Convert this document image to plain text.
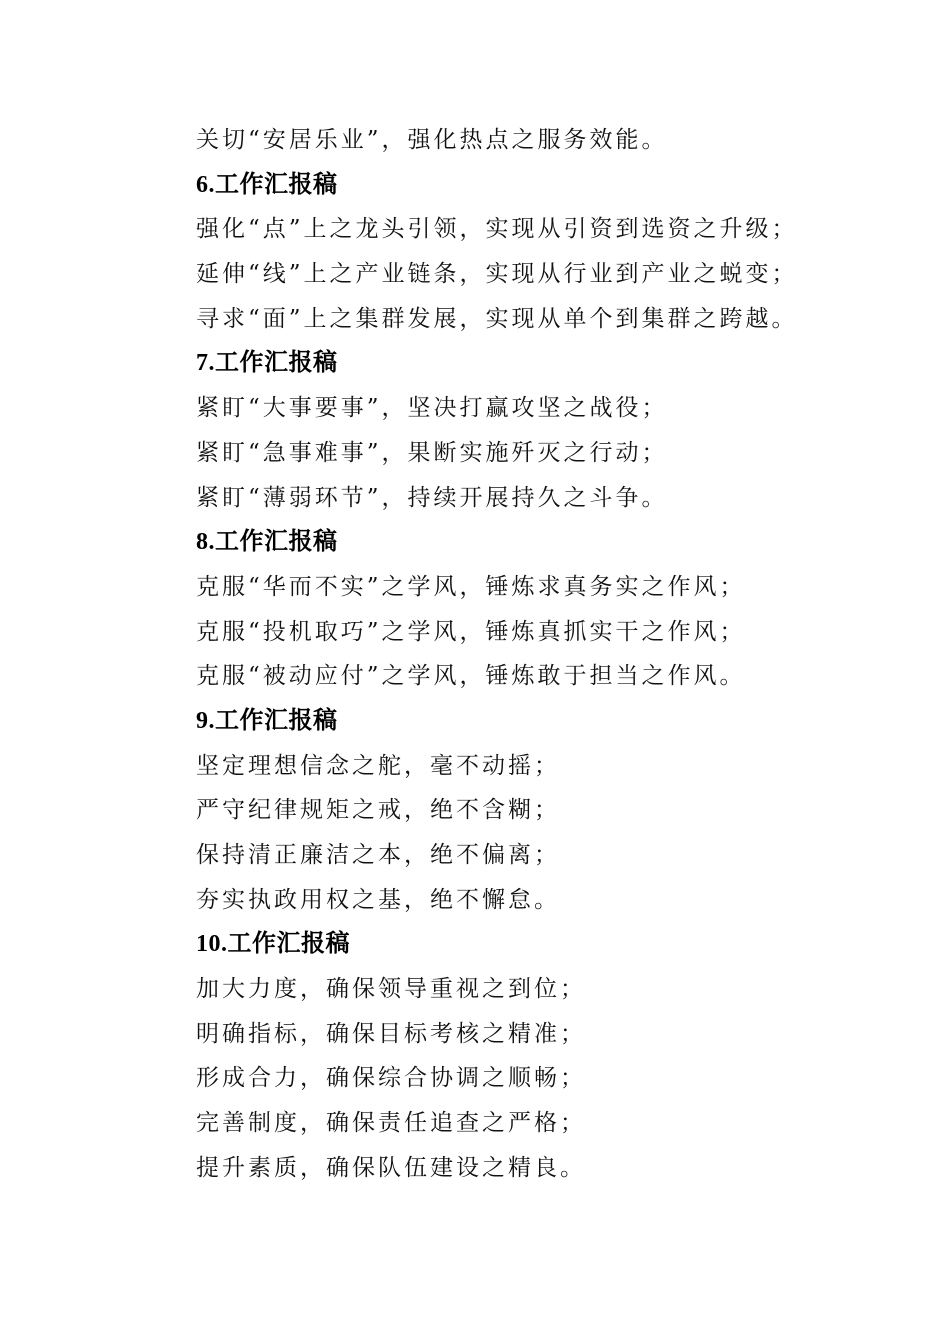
关切“安居乐业”，强化热点之服务效能。
6.工作汇报稿
强化“点”上之龙头引领，实现从引资到选资之升级；
延伸“线”上之产业链条，实现从行业到产业之蜕变；
寻求“面”上之集群发展，实现从单个到集群之跨越。
7.工作汇报稿
紧盯“大事要事”，坚决打赢攻坚之战役；
紧盯“急事难事”，果断实施歼灭之行动；
紧盯“薄弱环节”，持续开展持久之斗争。
8.工作汇报稿
克服“华而不实”之学风，锤炼求真务实之作风；
克服“投机取巧”之学风，锤炼真抓实干之作风；
克服“被动应付”之学风，锤炼敢于担当之作风。
9.工作汇报稿
坚定理想信念之舵，毫不动摇；
严守纪律规矩之戒，绝不含糊；
保持清正廉洁之本，绝不偏离；
夯实执政用权之基，绝不懈怠。
10.工作汇报稿
加大力度，确保领导重视之到位；
明确指标，确保目标考核之精准；
形成合力，确保综合协调之顺畅；
完善制度，确保责任追查之严格；
提升素质，确保队伍建设之精良。
